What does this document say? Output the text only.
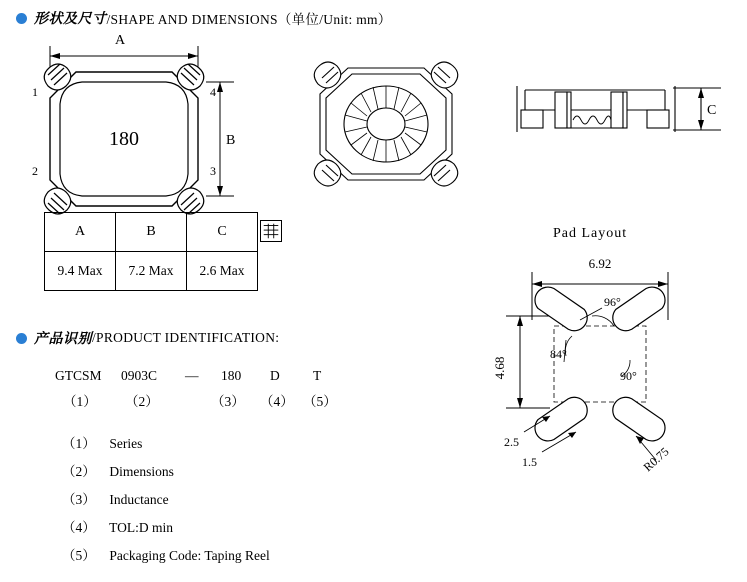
形状及尺寸 /SHAPE AND DIMENSIONS（单位/Unit: mm）
A
B
180
1
2	3
4
C
A	B	C
9.4 Max	7.2 Max	2.6 Max
Pad Layout
6.92
4.68
96°
84°
90°
2.5
1.5	R0.75
产品识别 /PRODUCT IDENTIFICATION:
GTCSM 0903C — 180 D T
（1） （2）	（3） （4） （5）
（1） Series
（2） Dimensions
（3） Inductance
（4） TOL:D min
（5） Packaging Code: Taping Reel
